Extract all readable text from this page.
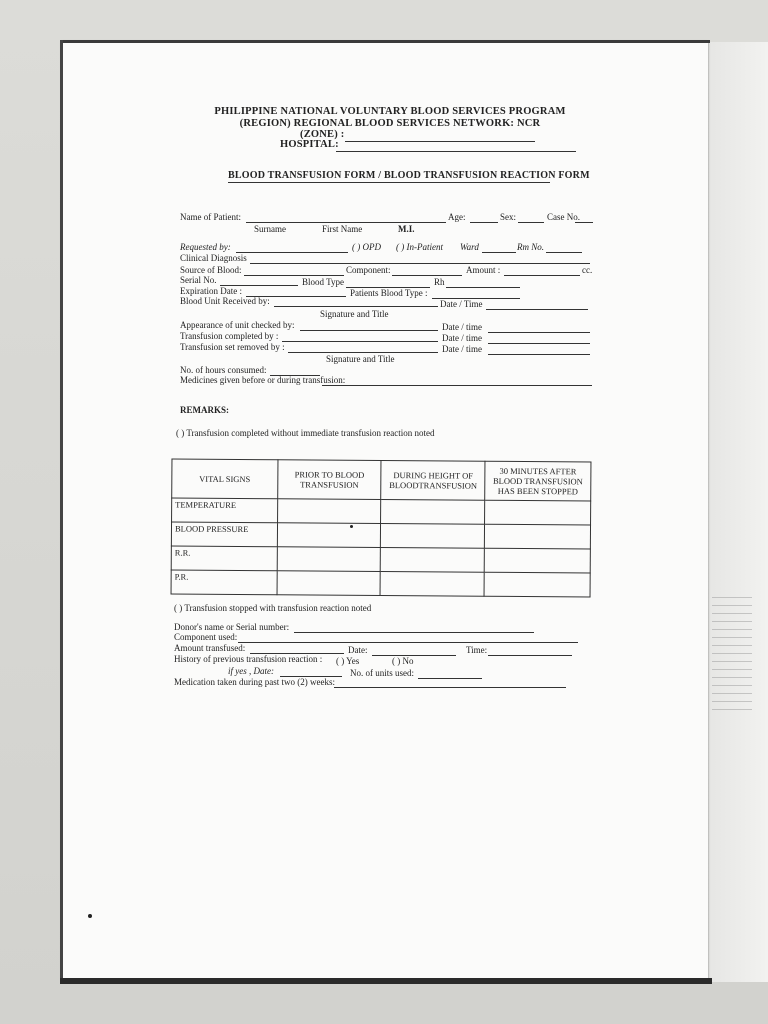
PHILIPPINE NATIONAL VOLUNTARY BLOOD SERVICES PROGRAM
(REGION) REGIONAL BLOOD SERVICES NETWORK: NCR
(ZONE) :
HOSPITAL:
BLOOD TRANSFUSION FORM / BLOOD TRANSFUSION REACTION FORM
Name of Patient:	Age:	Sex:	Case No.
Surname	First Name	M.I.
Requested by:	( ) OPD ( ) In-Patient Ward	Rm No.
Clinical Diagnosis
Source of Blood:	Component:	Amount :	cc.
Serial No.	Blood Type	Rh
Expiration Date :	Patients Blood Type :
Blood Unit Received by:	Date / Time
Signature and Title
Appearance of unit checked by:	Date / time
Transfusion completed by :	Date / time
Transfusion set removed by :	Date / time
Signature and Title
No. of hours consumed:
Medicines given before or during transfusion:
REMARKS:
( ) Transfusion completed without immediate transfusion reaction noted
VITAL SIGNS	PRIOR TO BLOOD TRANSFUSION	DURING HEIGHT OF BLOODTRANSFUSION	30 MINUTES AFTER BLOOD TRANSFUSION HAS BEEN STOPPED
TEMPERATURE			
BLOOD PRESSURE			
R.R.			
P.R.			
( ) Transfusion stopped with transfusion reaction noted
Donor's name or Serial number:
Component used:
Amount transfused:	Date:	Time:
History of previous transfusion reaction : ( ) Yes	( ) No
if yes , Date:	No. of units used:
Medication taken during past two (2) weeks:
